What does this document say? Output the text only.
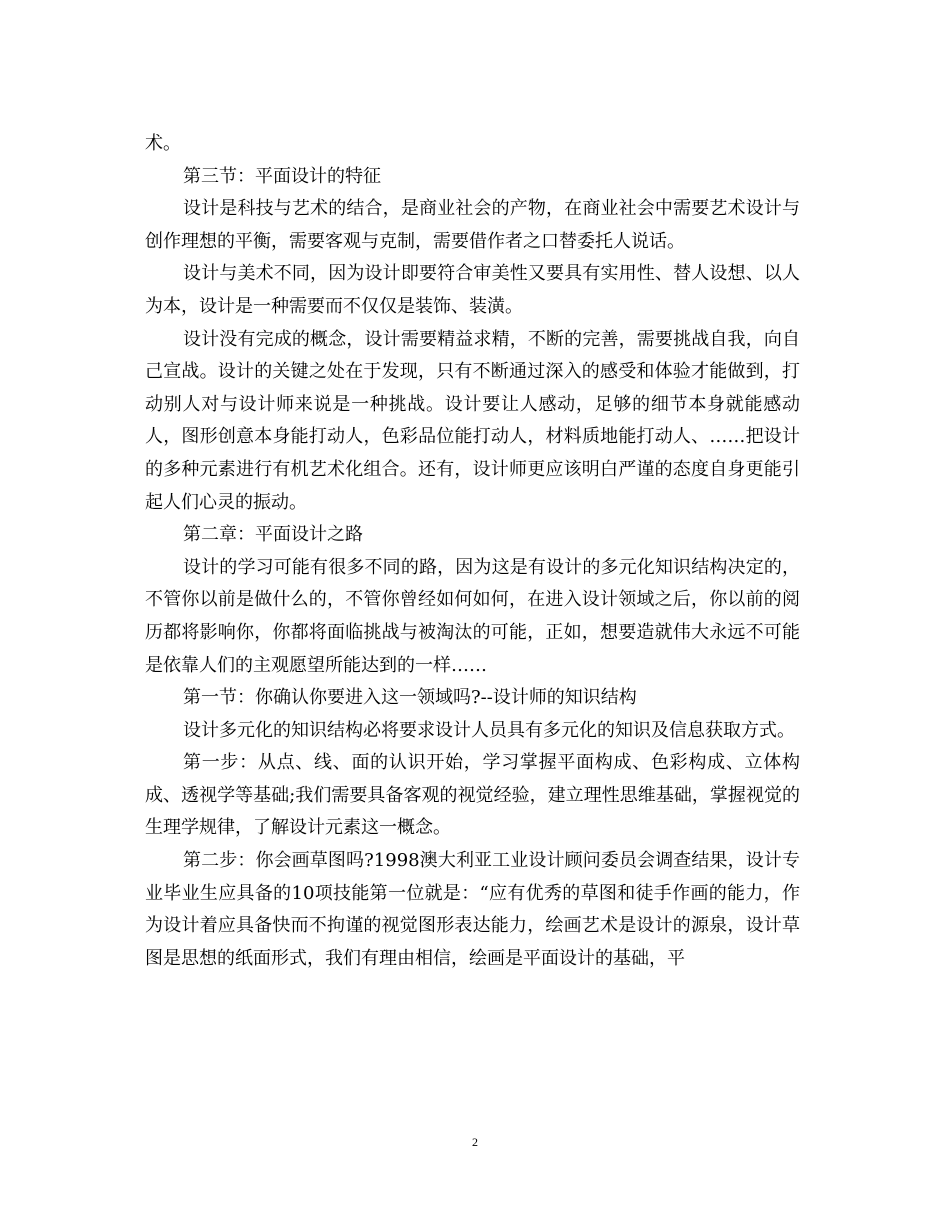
术。

第三节：平面设计的特征

设计是科技与艺术的结合，是商业社会的产物，在商业社会中需要艺术设计与创作理想的平衡，需要客观与克制，需要借作者之口替委托人说话。

设计与美术不同，因为设计即要符合审美性又要具有实用性、替人设想、以人为本，设计是一种需要而不仅仅是装饰、装潢。

设计没有完成的概念，设计需要精益求精，不断的完善，需要挑战自我，向自己宣战。设计的关键之处在于发现，只有不断通过深入的感受和体验才能做到，打动别人对与设计师来说是一种挑战。设计要让人感动，足够的细节本身就能感动人，图形创意本身能打动人，色彩品位能打动人，材料质地能打动人、……把设计的多种元素进行有机艺术化组合。还有，设计师更应该明白严谨的态度自身更能引起人们心灵的振动。

第二章：平面设计之路

设计的学习可能有很多不同的路，因为这是有设计的多元化知识结构决定的，不管你以前是做什么的，不管你曾经如何如何，在进入设计领域之后，你以前的阅历都将影响你，你都将面临挑战与被淘汰的可能，正如，想要造就伟大永远不可能是依靠人们的主观愿望所能达到的一样……

第一节：你确认你要进入这一领域吗?--设计师的知识结构

设计多元化的知识结构必将要求设计人员具有多元化的知识及信息获取方式。

第一步：从点、线、面的认识开始，学习掌握平面构成、色彩构成、立体构成、透视学等基础;我们需要具备客观的视觉经验，建立理性思维基础，掌握视觉的生理学规律，了解设计元素这一概念。

第二步：你会画草图吗?1998澳大利亚工业设计顾问委员会调查结果，设计专业毕业生应具备的10项技能第一位就是：“应有优秀的草图和徒手作画的能力，作为设计着应具备快而不拘谨的视觉图形表达能力，绘画艺术是设计的源泉，设计草图是思想的纸面形式，我们有理由相信，绘画是平面设计的基础，平

2
